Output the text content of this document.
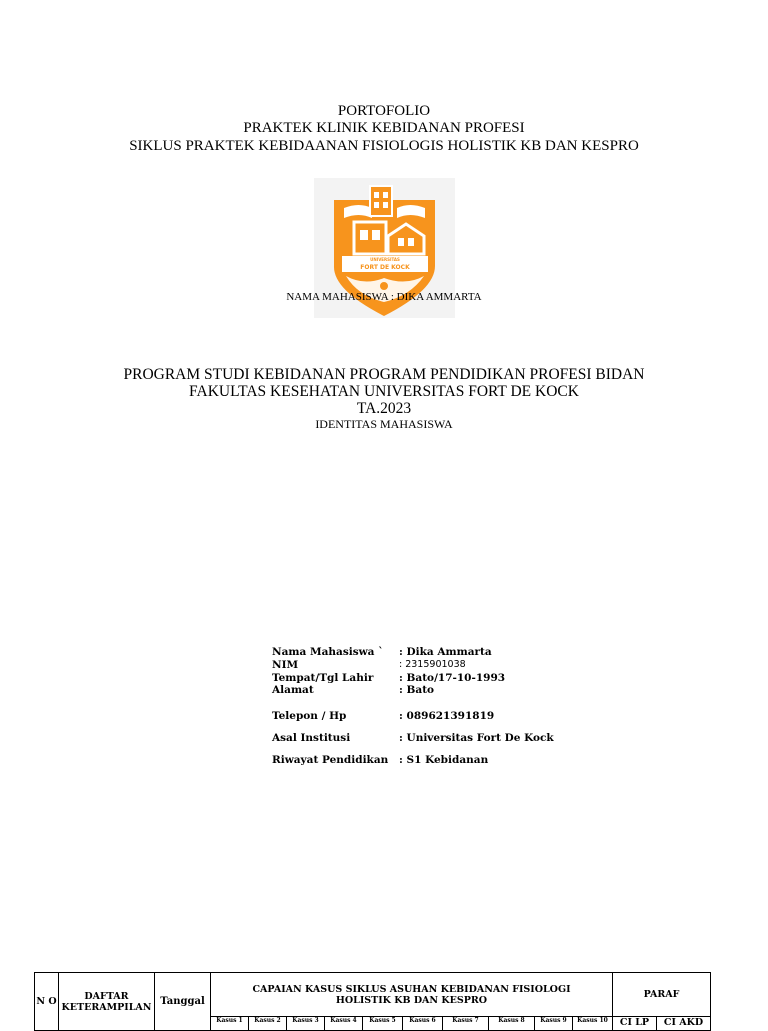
PORTOFOLIO
PRAKTEK KLINIK KEBIDANAN PROFESI
SIKLUS PRAKTEK KEBIDAANAN FISIOLOGIS HOLISTIK KB DAN KESPRO
UNIVERSITAS
FORT DE KOCK
NAMA MAHASISWA : DIKA AMMARTA
PROGRAM STUDI KEBIDANAN PROGRAM PENDIDIKAN PROFESI BIDAN
FAKULTAS KESEHATAN UNIVERSITAS FORT DE KOCK
TA.2023
IDENTITAS MAHASISWA
Nama Mahasiswa ` : Dika Ammarta
NIM	: 2315901038
Tempat/Tgl Lahir : Bato/17-10-1993
Alamat	: Bato
Telepon / Hp	: 089621391819
Asal Institusi	: Universitas Fort De Kock
Riwayat Pendidikan : S1 Kebidanan
N O	DAFTAR KETERAMPILAN	Tanggal	CAPAIAN KASUS SIKLUS ASUHAN KEBIDANAN FISIOLOGI HOLISTIK KB DAN KESPRO										PARAF	
			Kasus 1	Kasus 2	Kasus 3	Kasus 4	Kasus 5	Kasus 6	Kasus 7	Kasus 8	Kasus 9	Kasus 10	CI LP	CI AKD
